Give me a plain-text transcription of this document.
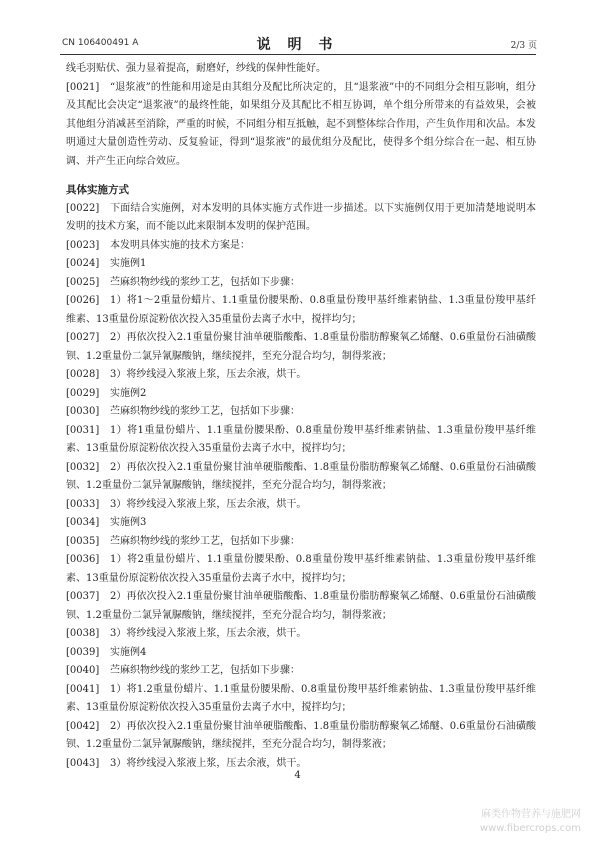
CN 106400491 A	说 明 书	2/3 页

线毛羽贴伏、强力显着提高，耐磨好，纱线的保伸性能好。

[0021] “退浆液”的性能和用途是由其组分及配比所决定的，且“退浆液”中的不同组分会相互影响，组分及其配比会决定“退浆液”的最终性能，如果组分及其配比不相互协调，单个组分所带来的有益效果，会被其他组分消减甚至消除，严重的时候，不同组分相互抵触，起不到整体综合作用，产生负作用和次品。本发明通过大量创造性劳动、反复验证，得到“退浆液”的最优组分及配比，使得多个组分综合在一起、相互协调、并产生正向综合效应。

具体实施方式

[0022] 下面结合实施例，对本发明的具体实施方式作进一步描述。以下实施例仅用于更加清楚地说明本发明的技术方案，而不能以此来限制本发明的保护范围。

[0023] 本发明具体实施的技术方案是：

[0024] 实施例1

[0025] 苎麻织物纱线的浆纱工艺，包括如下步骤：

[0026] 1）将1～2重量份蜡片、1.1重量份腰果酚、0.8重量份羧甲基纤维素钠盐、1.3重量份羧甲基纤维素、13重量份原淀粉依次投入35重量份去离子水中，搅拌均匀；

[0027] 2）再依次投入2.1重量份聚甘油单硬脂酸酯、1.8重量份脂肪醇聚氧乙烯醚、0.6重量份石油磺酸钡、1.2重量份二氯异氰脲酸钠，继续搅拌，至充分混合均匀，制得浆液；

[0028] 3）将纱线浸入浆液上浆，压去余液，烘干。

[0029] 实施例2

[0030] 苎麻织物纱线的浆纱工艺，包括如下步骤：

[0031] 1）将1重量份蜡片、1.1重量份腰果酚、0.8重量份羧甲基纤维素钠盐、1.3重量份羧甲基纤维素、13重量份原淀粉依次投入35重量份去离子水中，搅拌均匀；

[0032] 2）再依次投入2.1重量份聚甘油单硬脂酸酯、1.8重量份脂肪醇聚氧乙烯醚、0.6重量份石油磺酸钡、1.2重量份二氯异氰脲酸钠，继续搅拌，至充分混合均匀，制得浆液；

[0033] 3）将纱线浸入浆液上浆，压去余液，烘干。

[0034] 实施例3

[0035] 苎麻织物纱线的浆纱工艺，包括如下步骤：

[0036] 1）将2重量份蜡片、1.1重量份腰果酚、0.8重量份羧甲基纤维素钠盐、1.3重量份羧甲基纤维素、13重量份原淀粉依次投入35重量份去离子水中，搅拌均匀；

[0037] 2）再依次投入2.1重量份聚甘油单硬脂酸酯、1.8重量份脂肪醇聚氧乙烯醚、0.6重量份石油磺酸钡、1.2重量份二氯异氰脲酸钠，继续搅拌，至充分混合均匀，制得浆液；

[0038] 3）将纱线浸入浆液上浆，压去余液，烘干。

[0039] 实施例4

[0040] 苎麻织物纱线的浆纱工艺，包括如下步骤：

[0041] 1）将1.2重量份蜡片、1.1重量份腰果酚、0.8重量份羧甲基纤维素钠盐、1.3重量份羧甲基纤维素、13重量份原淀粉依次投入35重量份去离子水中，搅拌均匀；

[0042] 2）再依次投入2.1重量份聚甘油单硬脂酸酯、1.8重量份脂肪醇聚氧乙烯醚、0.6重量份石油磺酸钡、1.2重量份二氯异氰脲酸钠，继续搅拌，至充分混合均匀，制得浆液；

[0043] 3）将纱线浸入浆液上浆，压去余液，烘干。

4
麻类作物营养与施肥网
www.fibercrops.com
